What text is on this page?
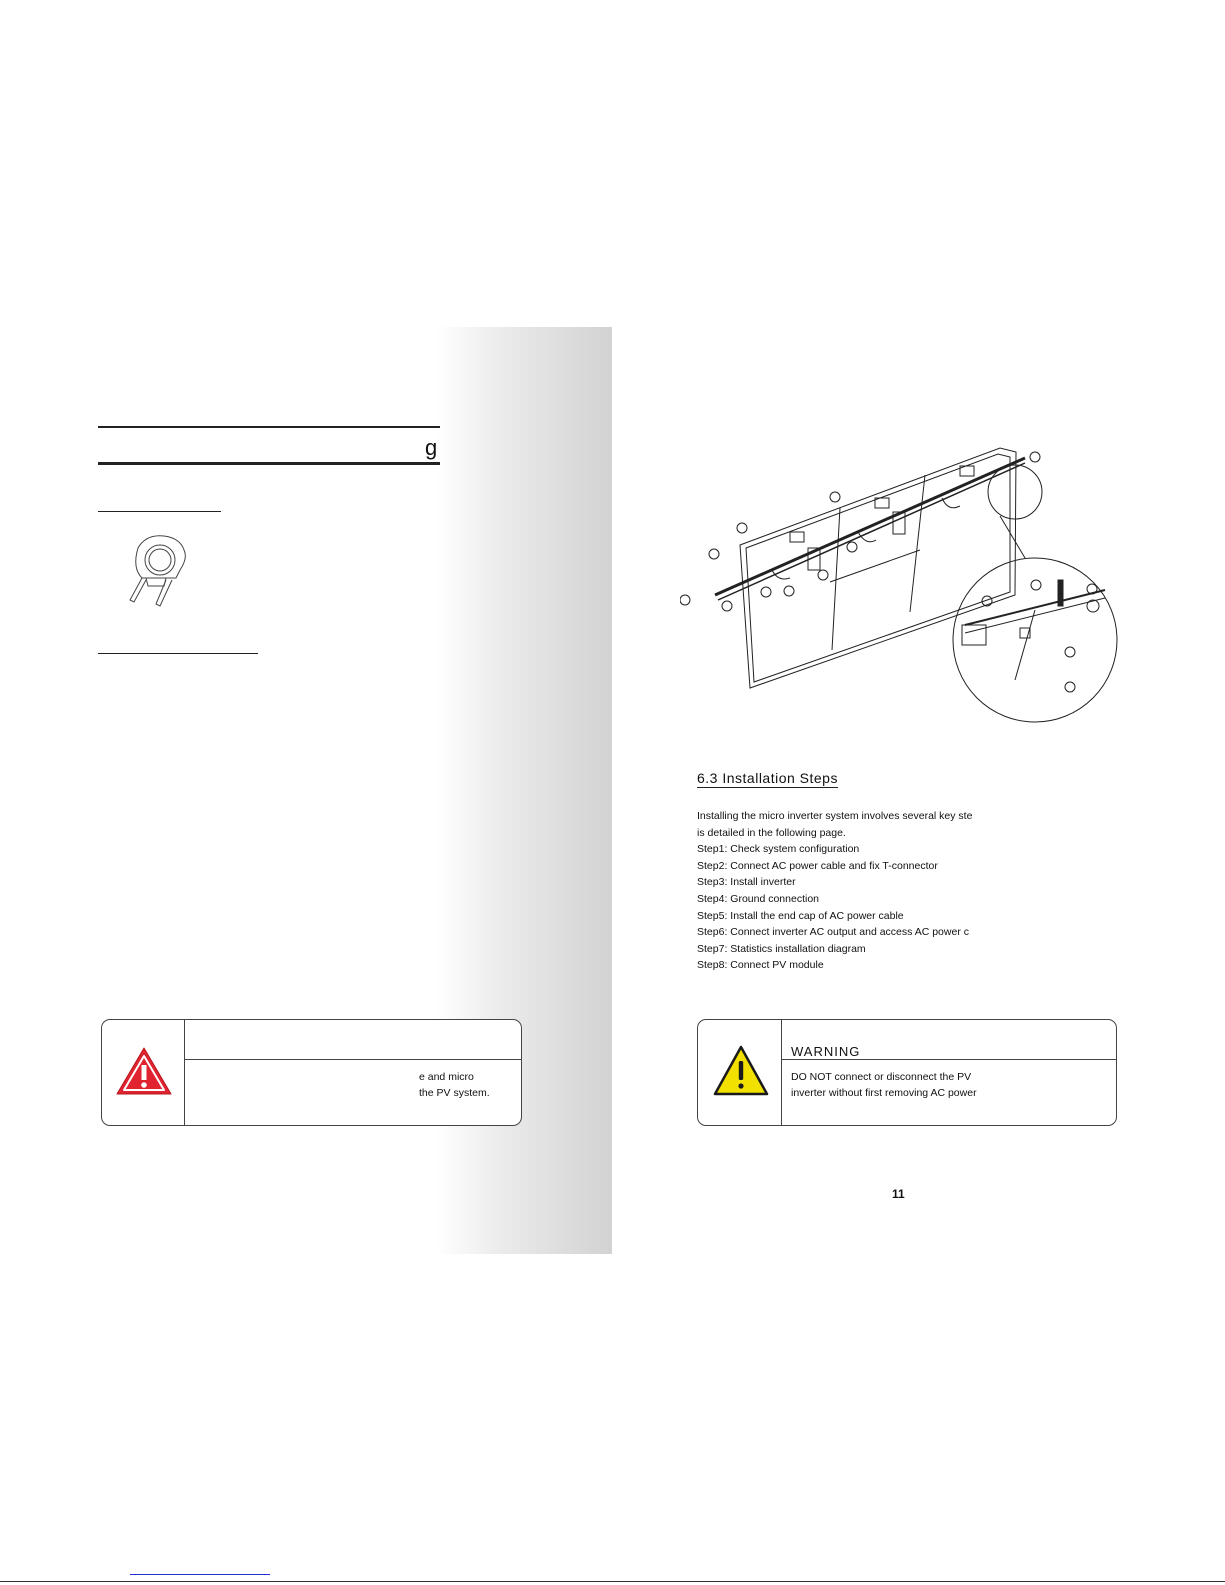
g
e and micro
the PV system.
6.3 Installation Steps
Installing the micro inverter system involves several key ste
is detailed in the following page.
Step1: Check system configuration
Step2: Connect AC power cable and fix T-connector
Step3: Install inverter
Step4: Ground connection
Step5: Install the end cap of AC power cable
Step6: Connect inverter AC output and access AC power c
Step7: Statistics installation diagram
Step8: Connect PV module
WARNING
DO NOT connect or disconnect the PV
inverter without first removing AC power
11
